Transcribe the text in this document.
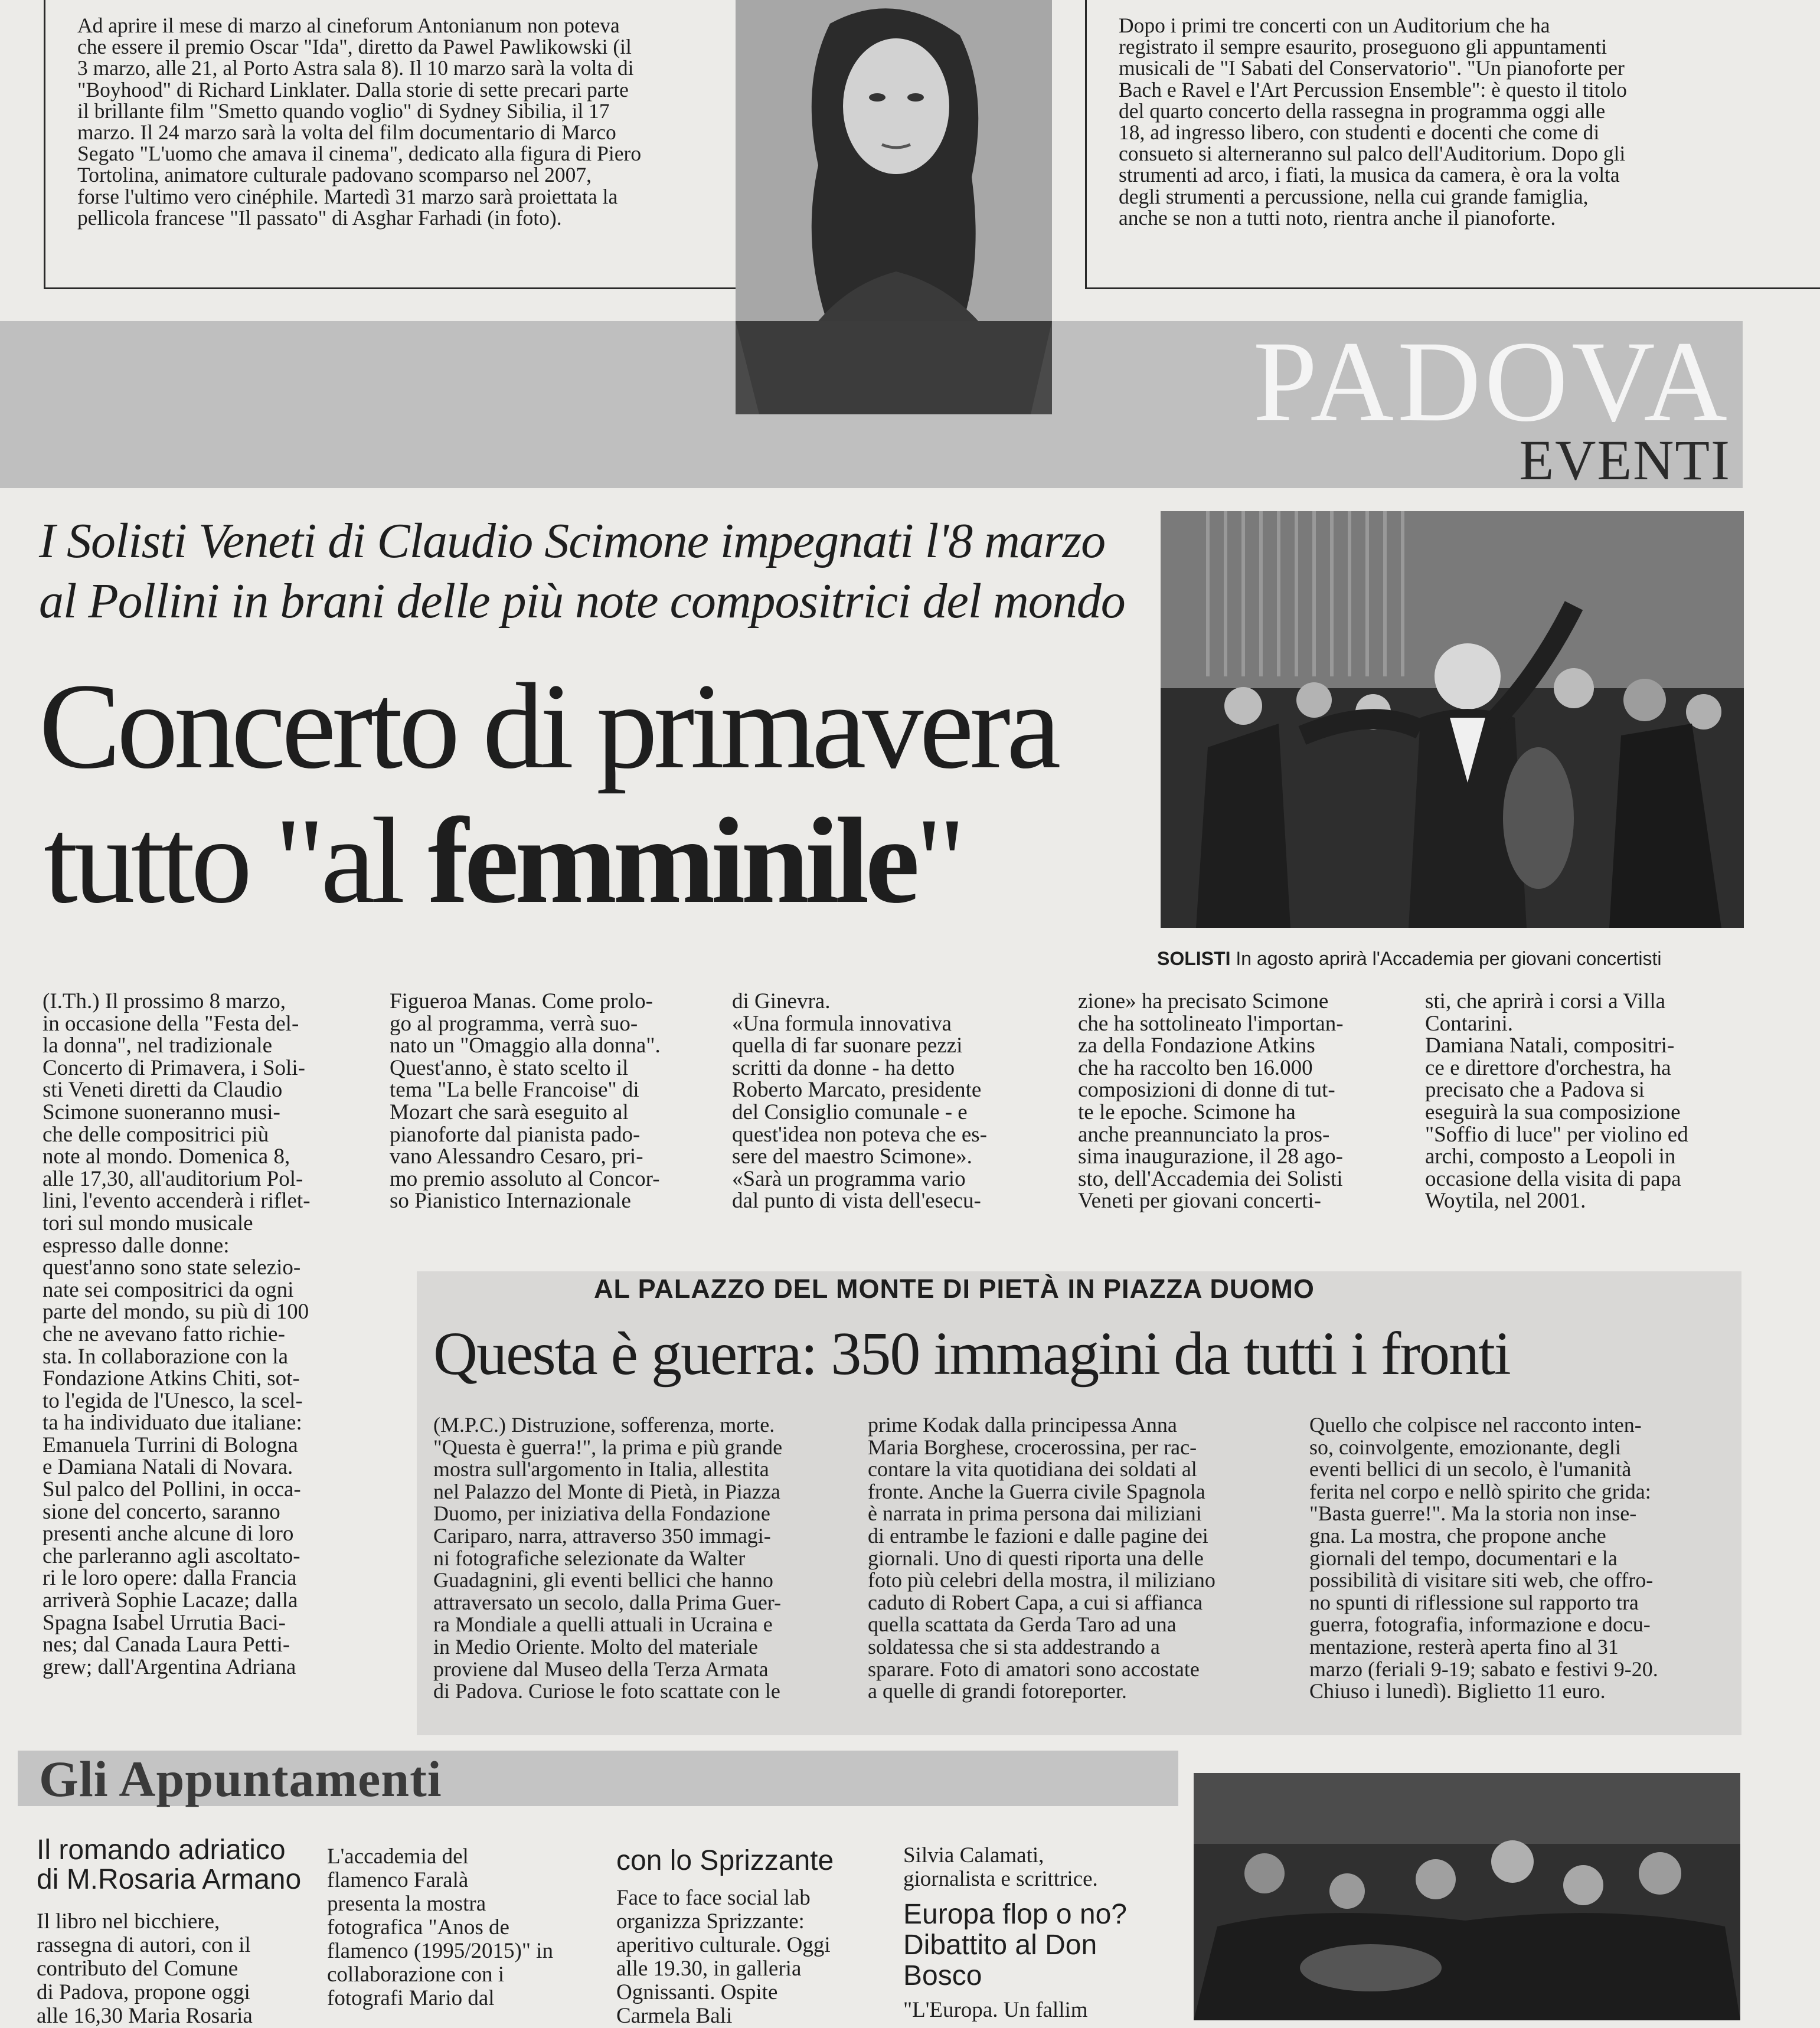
Ad aprire il mese di marzo al cineforum Antonianum non poteva
che essere il premio Oscar "Ida", diretto da Pawel Pawlikowski (il
3 marzo, alle 21, al Porto Astra sala 8). Il 10 marzo sarà la volta di
"Boyhood" di Richard Linklater. Dalla storie di sette precari parte
il brillante film "Smetto quando voglio" di Sydney Sibilia, il 17
marzo. Il 24 marzo sarà la volta del film documentario di Marco
Segato "L'uomo che amava il cinema", dedicato alla figura di Piero
Tortolina, animatore culturale padovano scomparso nel 2007,
forse l'ultimo vero cinéphile. Martedì 31 marzo sarà proiettata la
pellicola francese "Il passato" di Asghar Farhadi (in foto).

Dopo i primi tre concerti con un Auditorium che ha
registrato il sempre esaurito, proseguono gli appuntamenti
musicali de "I Sabati del Conservatorio". "Un pianoforte per
Bach e Ravel e l'Art Percussion Ensemble": è questo il titolo
del quarto concerto della rassegna in programma oggi alle
18, ad ingresso libero, con studenti e docenti che come di
consueto si alterneranno sul palco dell'Auditorium. Dopo gli
strumenti ad arco, i fiati, la musica da camera, è ora la volta
degli strumenti a percussione, nella cui grande famiglia,
anche se non a tutti noto, rientra anche il pianoforte.

PADOVA
EVENTI
I Solisti Veneti di Claudio Scimone impegnati l'8 marzo
al Pollini in brani delle più note compositrici del mondo
Concerto di primavera
tutto "al femminile"
SOLISTI In agosto aprirà l'Accademia per giovani concertisti

(I.Th.) Il prossimo 8 marzo,
in occasione della "Festa del-
la donna", nel tradizionale
Concerto di Primavera, i Soli-
sti Veneti diretti da Claudio
Scimone suoneranno musi-
che delle compositrici più
note al mondo. Domenica 8,
alle 17,30, all'auditorium Pol-
lini, l'evento accenderà i riflet-
tori sul mondo musicale
espresso dalle donne:
quest'anno sono state selezio-
nate sei compositrici da ogni
parte del mondo, su più di 100
che ne avevano fatto richie-
sta. In collaborazione con la
Fondazione Atkins Chiti, sot-
to l'egida de l'Unesco, la scel-
ta ha individuato due italiane:
Emanuela Turrini di Bologna
e Damiana Natali di Novara.
Sul palco del Pollini, in occa-
sione del concerto, saranno
presenti anche alcune di loro
che parleranno agli ascoltato-
ri le loro opere: dalla Francia
arriverà Sophie Lacaze; dalla
Spagna Isabel Urrutia Baci-
nes; dal Canada Laura Petti-
grew; dall'Argentina Adriana

Figueroa Manas. Come prolo-
go al programma, verrà suo-
nato un "Omaggio alla donna".
Quest'anno, è stato scelto il
tema "La belle Francoise" di
Mozart che sarà eseguito al
pianoforte dal pianista pado-
vano Alessandro Cesaro, pri-
mo premio assoluto al Concor-
so Pianistico Internazionale

di Ginevra.
«Una formula innovativa
quella di far suonare pezzi
scritti da donne - ha detto
Roberto Marcato, presidente
del Consiglio comunale - e
quest'idea non poteva che es-
sere del maestro Scimone».
«Sarà un programma vario
dal punto di vista dell'esecu-

zione» ha precisato Scimone
che ha sottolineato l'importan-
za della Fondazione Atkins
che ha raccolto ben 16.000
composizioni di donne di tut-
te le epoche. Scimone ha
anche preannunciato la pros-
sima inaugurazione, il 28 ago-
sto, dell'Accademia dei Solisti
Veneti per giovani concerti-

sti, che aprirà i corsi a Villa
Contarini.
Damiana Natali, compositri-
ce e direttore d'orchestra, ha
precisato che a Padova si
eseguirà la sua composizione
"Soffio di luce" per violino ed
archi, composto a Leopoli in
occasione della visita di papa
Woytila, nel 2001.

AL PALAZZO DEL MONTE DI PIETÀ IN PIAZZA DUOMO
Questa è guerra: 350 immagini da tutti i fronti

(M.P.C.) Distruzione, sofferenza, morte.
"Questa è guerra!", la prima e più grande
mostra sull'argomento in Italia, allestita
nel Palazzo del Monte di Pietà, in Piazza
Duomo, per iniziativa della Fondazione
Cariparo, narra, attraverso 350 immagi-
ni fotografiche selezionate da Walter
Guadagnini, gli eventi bellici che hanno
attraversato un secolo, dalla Prima Guer-
ra Mondiale a quelli attuali in Ucraina e
in Medio Oriente. Molto del materiale
proviene dal Museo della Terza Armata
di Padova. Curiose le foto scattate con le

prime Kodak dalla principessa Anna
Maria Borghese, crocerossina, per rac-
contare la vita quotidiana dei soldati al
fronte. Anche la Guerra civile Spagnola
è narrata in prima persona dai miliziani
di entrambe le fazioni e dalle pagine dei
giornali. Uno di questi riporta una delle
foto più celebri della mostra, il miliziano
caduto di Robert Capa, a cui si affianca
quella scattata da Gerda Taro ad una
soldatessa che si sta addestrando a
sparare. Foto di amatori sono accostate
a quelle di grandi fotoreporter.

Quello che colpisce nel racconto inten-
so, coinvolgente, emozionante, degli
eventi bellici di un secolo, è l'umanità
ferita nel corpo e nellò spirito che grida:
"Basta guerre!". Ma la storia non inse-
gna. La mostra, che propone anche
giornali del tempo, documentari e la
possibilità di visitare siti web, che offro-
no spunti di riflessione sul rapporto tra
guerra, fotografia, informazione e docu-
mentazione, resterà aperta fino al 31
marzo (feriali 9-19; sabato e festivi 9-20.
Chiuso i lunedì). Biglietto 11 euro.

Gli Appuntamenti

Il romando adriatico
di M.Rosaria Armano

Il libro nel bicchiere,
rassegna di autori, con il
contributo del Comune
di Padova, propone oggi
alle 16,30 Maria Rosaria

L'accademia del
flamenco Faralà
presenta la mostra
fotografica "Anos de
flamenco (1995/2015)" in
collaborazione con i
fotografi Mario dal

con lo Sprizzante

Face to face social lab
organizza Sprizzante:
aperitivo culturale. Oggi
alle 19.30, in galleria
Ognissanti. Ospite
Carmela Bali

Silvia Calamati,
giornalista e scrittrice.

Europa flop o no?
Dibattito al Don
Bosco

"L'Europa. Un fallim
